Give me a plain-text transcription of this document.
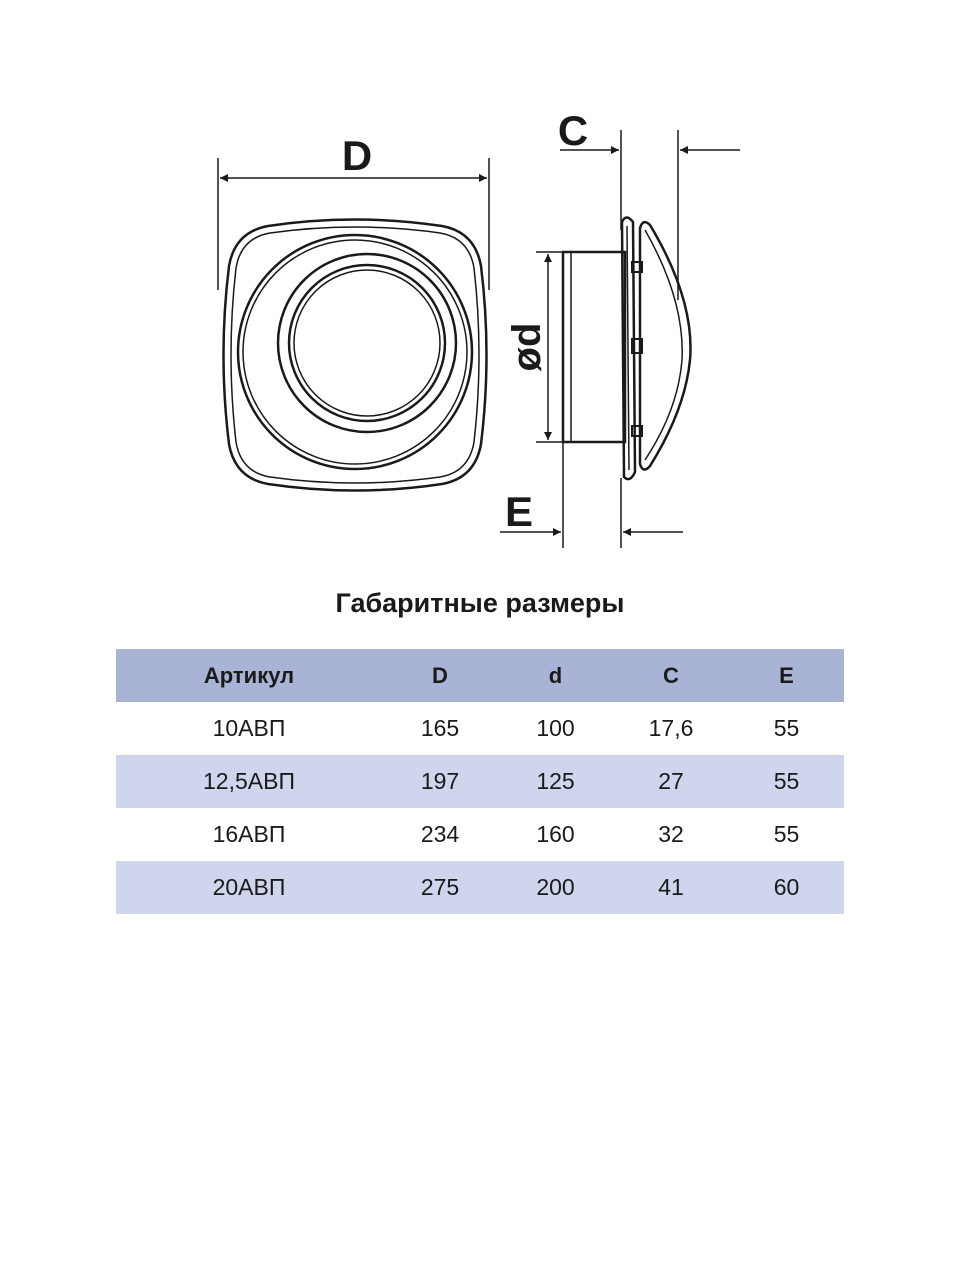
D
C
ød
E
Габаритные размеры
Артикул	D	d	C	E
10АВП	165	100	17,6	55
12,5АВП	197	125	27	55
16АВП	234	160	32	55
20АВП	275	200	41	60
